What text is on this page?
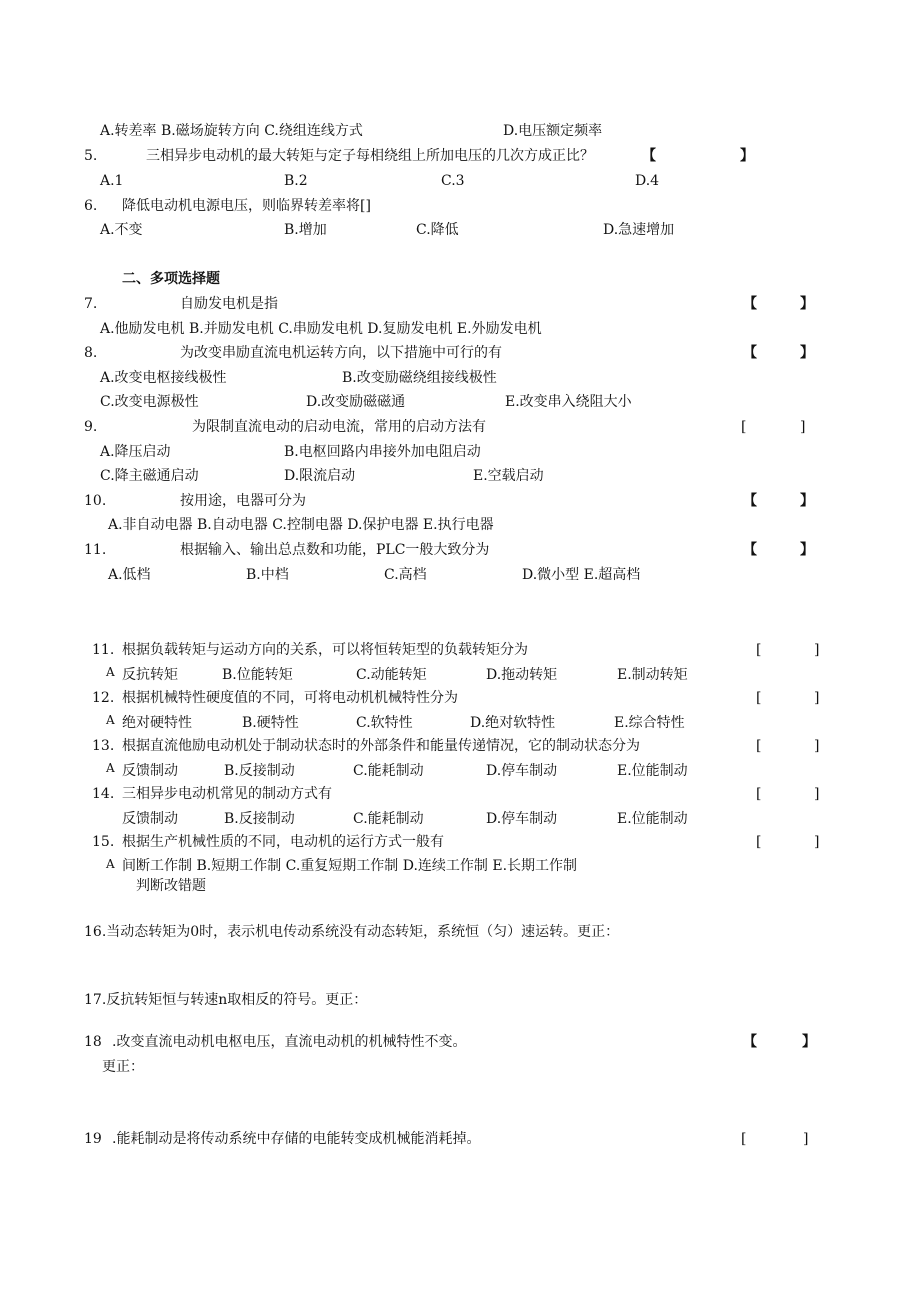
A.转差率 B.磁场旋转方向 C.绕组连线方式	D.电压额定频率
5.	三相异步电动机的最大转矩与定子每相绕组上所加电压的几次方成正比？	【	】
A.1	B.2	C.3	D.4
6. 降低电动机电源电压，则临界转差率将[]
A.不变	B.增加	C.降低	D.急速增加
二、多项选择题
7.	自励发电机是指	【	】
A.他励发电机 B.并励发电机 C.串励发电机 D.复励发电机 E.外励发电机
8.	为改变串励直流电机运转方向，以下措施中可行的有	【	】
A.改变电枢接线极性	B.改变励磁绕组接线极性
C.改变电源极性	D.改变励磁磁通	E.改变串入绕阻大小
9.	为限制直流电动的启动电流，常用的启动方法有	[	]
A.降压启动	B.电枢回路内串接外加电阻启动
C.降主磁通启动	D.限流启动	E.空载启动
10.	按用途，电器可分为	【	】
A.非自动电器 B.自动电器 C.控制电器 D.保护电器 E.执行电器
11.	根据输入、输出总点数和功能，PLC一般大致分为	【	】
A.低档	B.中档	C.高档	D.微小型 E.超高档
11. 根据负载转矩与运动方向的关系，可以将恒转矩型的负载转矩分为	[	]
A 反抗转矩	B.位能转矩	C.动能转矩	D.拖动转矩	E.制动转矩
12. 根据机械特性硬度值的不同，可将电动机机械特性分为	[	]
A 绝对硬特性	B.硬特性	C.软特性	D.绝对软特性	E.综合特性
13. 根据直流他励电动机处于制动状态时的外部条件和能量传递情况，它的制动状态分为	[	]
A 反馈制动	B.反接制动	C.能耗制动	D.停车制动	E.位能制动
14. 三相异步电动机常见的制动方式有	[	]
反馈制动	B.反接制动	C.能耗制动	D.停车制动	E.位能制动
15. 根据生产机械性质的不同，电动机的运行方式一般有	[	]
A 间断工作制 B.短期工作制 C.重复短期工作制 D.连续工作制 E.长期工作制
判断改错题
16.当动态转矩为0时，表示机电传动系统没有动态转矩，系统恒（匀）速运转。更正：
17.反抗转矩恒与转速n取相反的符号。更正：
18 .改变直流电动机电枢电压，直流电动机的机械特性不变。	【	】
更正：
19 .能耗制动是将传动系统中存储的电能转变成机械能消耗掉。	[	]
